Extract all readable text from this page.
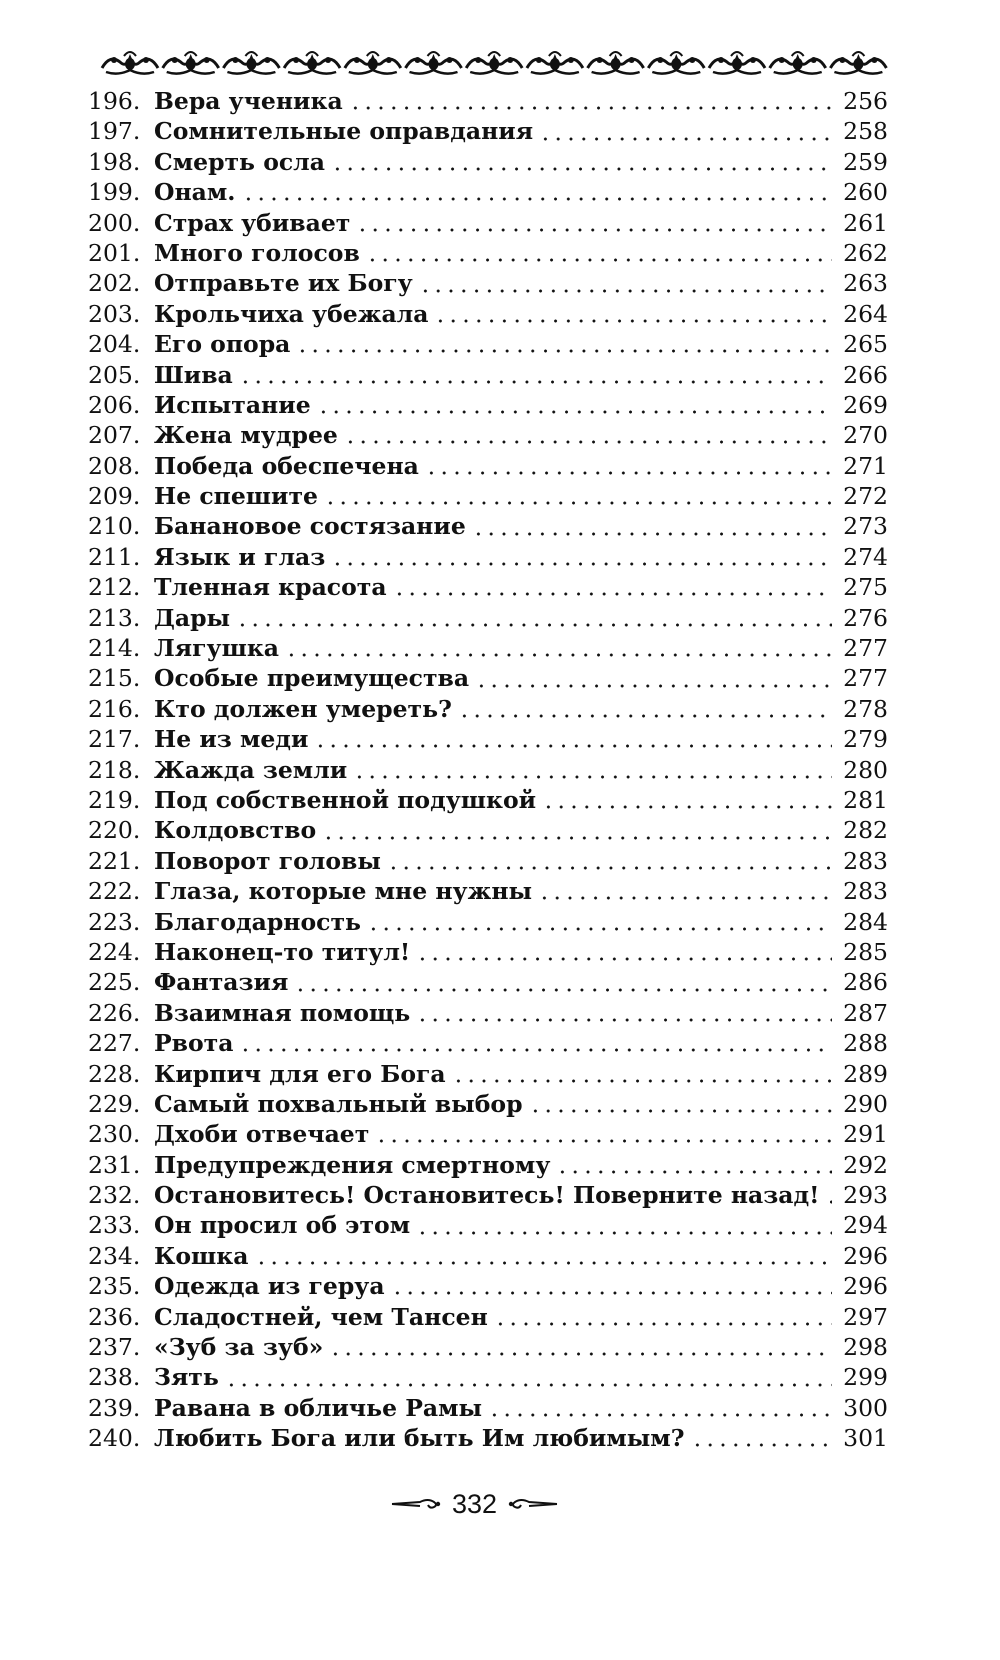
196. Вера ученика	256
197. Сомнительные оправдания	258
198. Смерть осла	259
199. Онам.	260
200. Страх убивает	261
201. Много голосов	262
202. Отправьте их Богу	263
203. Крольчиха убежала	264
204. Его опора	265
205. Шива	266
206. Испытание	269
207. Жена мудрее	270
208. Победа обеспечена	271
209. Не спешите	272
210. Банановое состязание	273
211. Язык и глаз	274
212. Тленная красота	275
213. Дары	276
214. Лягушка	277
215. Особые преимущества	277
216. Кто должен умереть?	278
217. Не из меди	279
218. Жажда земли	280
219. Под собственной подушкой	281
220. Колдовство	282
221. Поворот головы	283
222. Глаза, которые мне нужны	283
223. Благодарность	284
224. Наконец-то титул!	285
225. Фантазия	286
226. Взаимная помощь	287
227. Рвота	288
228. Кирпич для его Бога	289
229. Самый похвальный выбор	290
230. Дхоби отвечает	291
231. Предупреждения смертному	292
232. Остановитесь! Остановитесь! Поверните назад! 293
233. Он просил об этом	294
234. Кошка	296
235. Одежда из геруа	296
236. Сладостней, чем Тансен	297
237. «Зуб за зуб»	298
238. Зять	299
239. Равана в обличье Рамы	300
240. Любить Бога или быть Им любимым?	301
332
